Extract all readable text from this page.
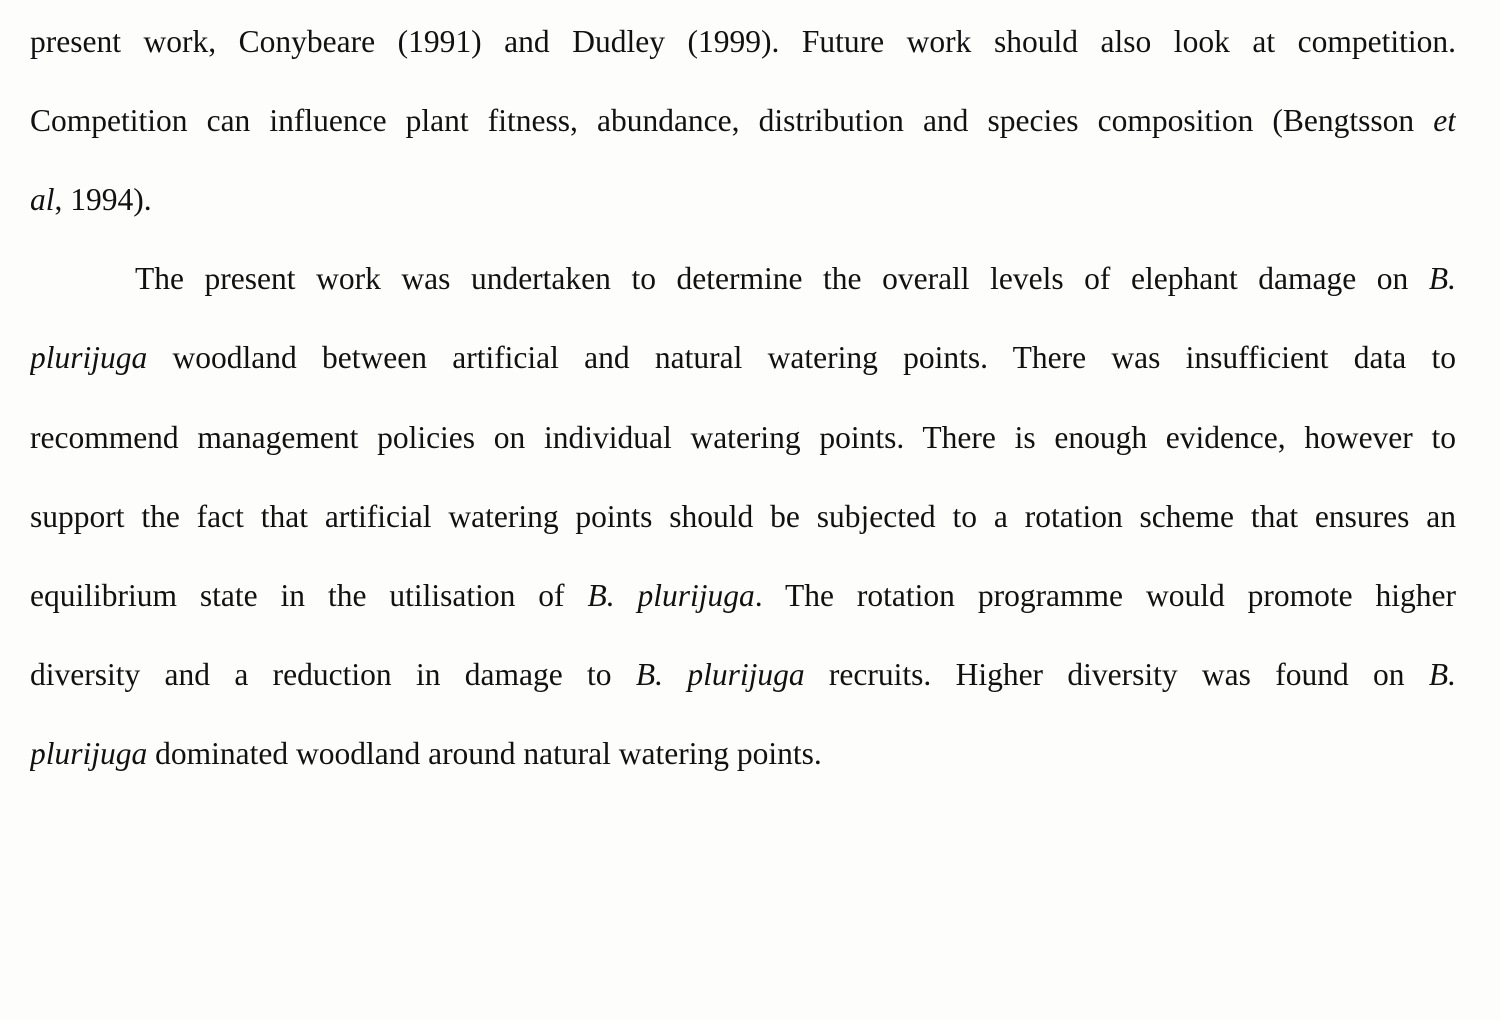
present work, Conybeare (1991) and Dudley (1999). Future work should also look at competition.
Competition can influence plant fitness, abundance, distribution and species composition (Bengtsson et
al, 1994).
The present work was undertaken to determine the overall levels of elephant damage on B.
plurijuga woodland between artificial and natural watering points. There was insufficient data to
recommend management policies on individual watering points. There is enough evidence, however to
support the fact that artificial watering points should be subjected to a rotation scheme that ensures an
equilibrium state in the utilisation of B. plurijuga. The rotation programme would promote higher
diversity and a reduction in damage to B. plurijuga recruits. Higher diversity was found on B.
plurijuga dominated woodland around natural watering points.
